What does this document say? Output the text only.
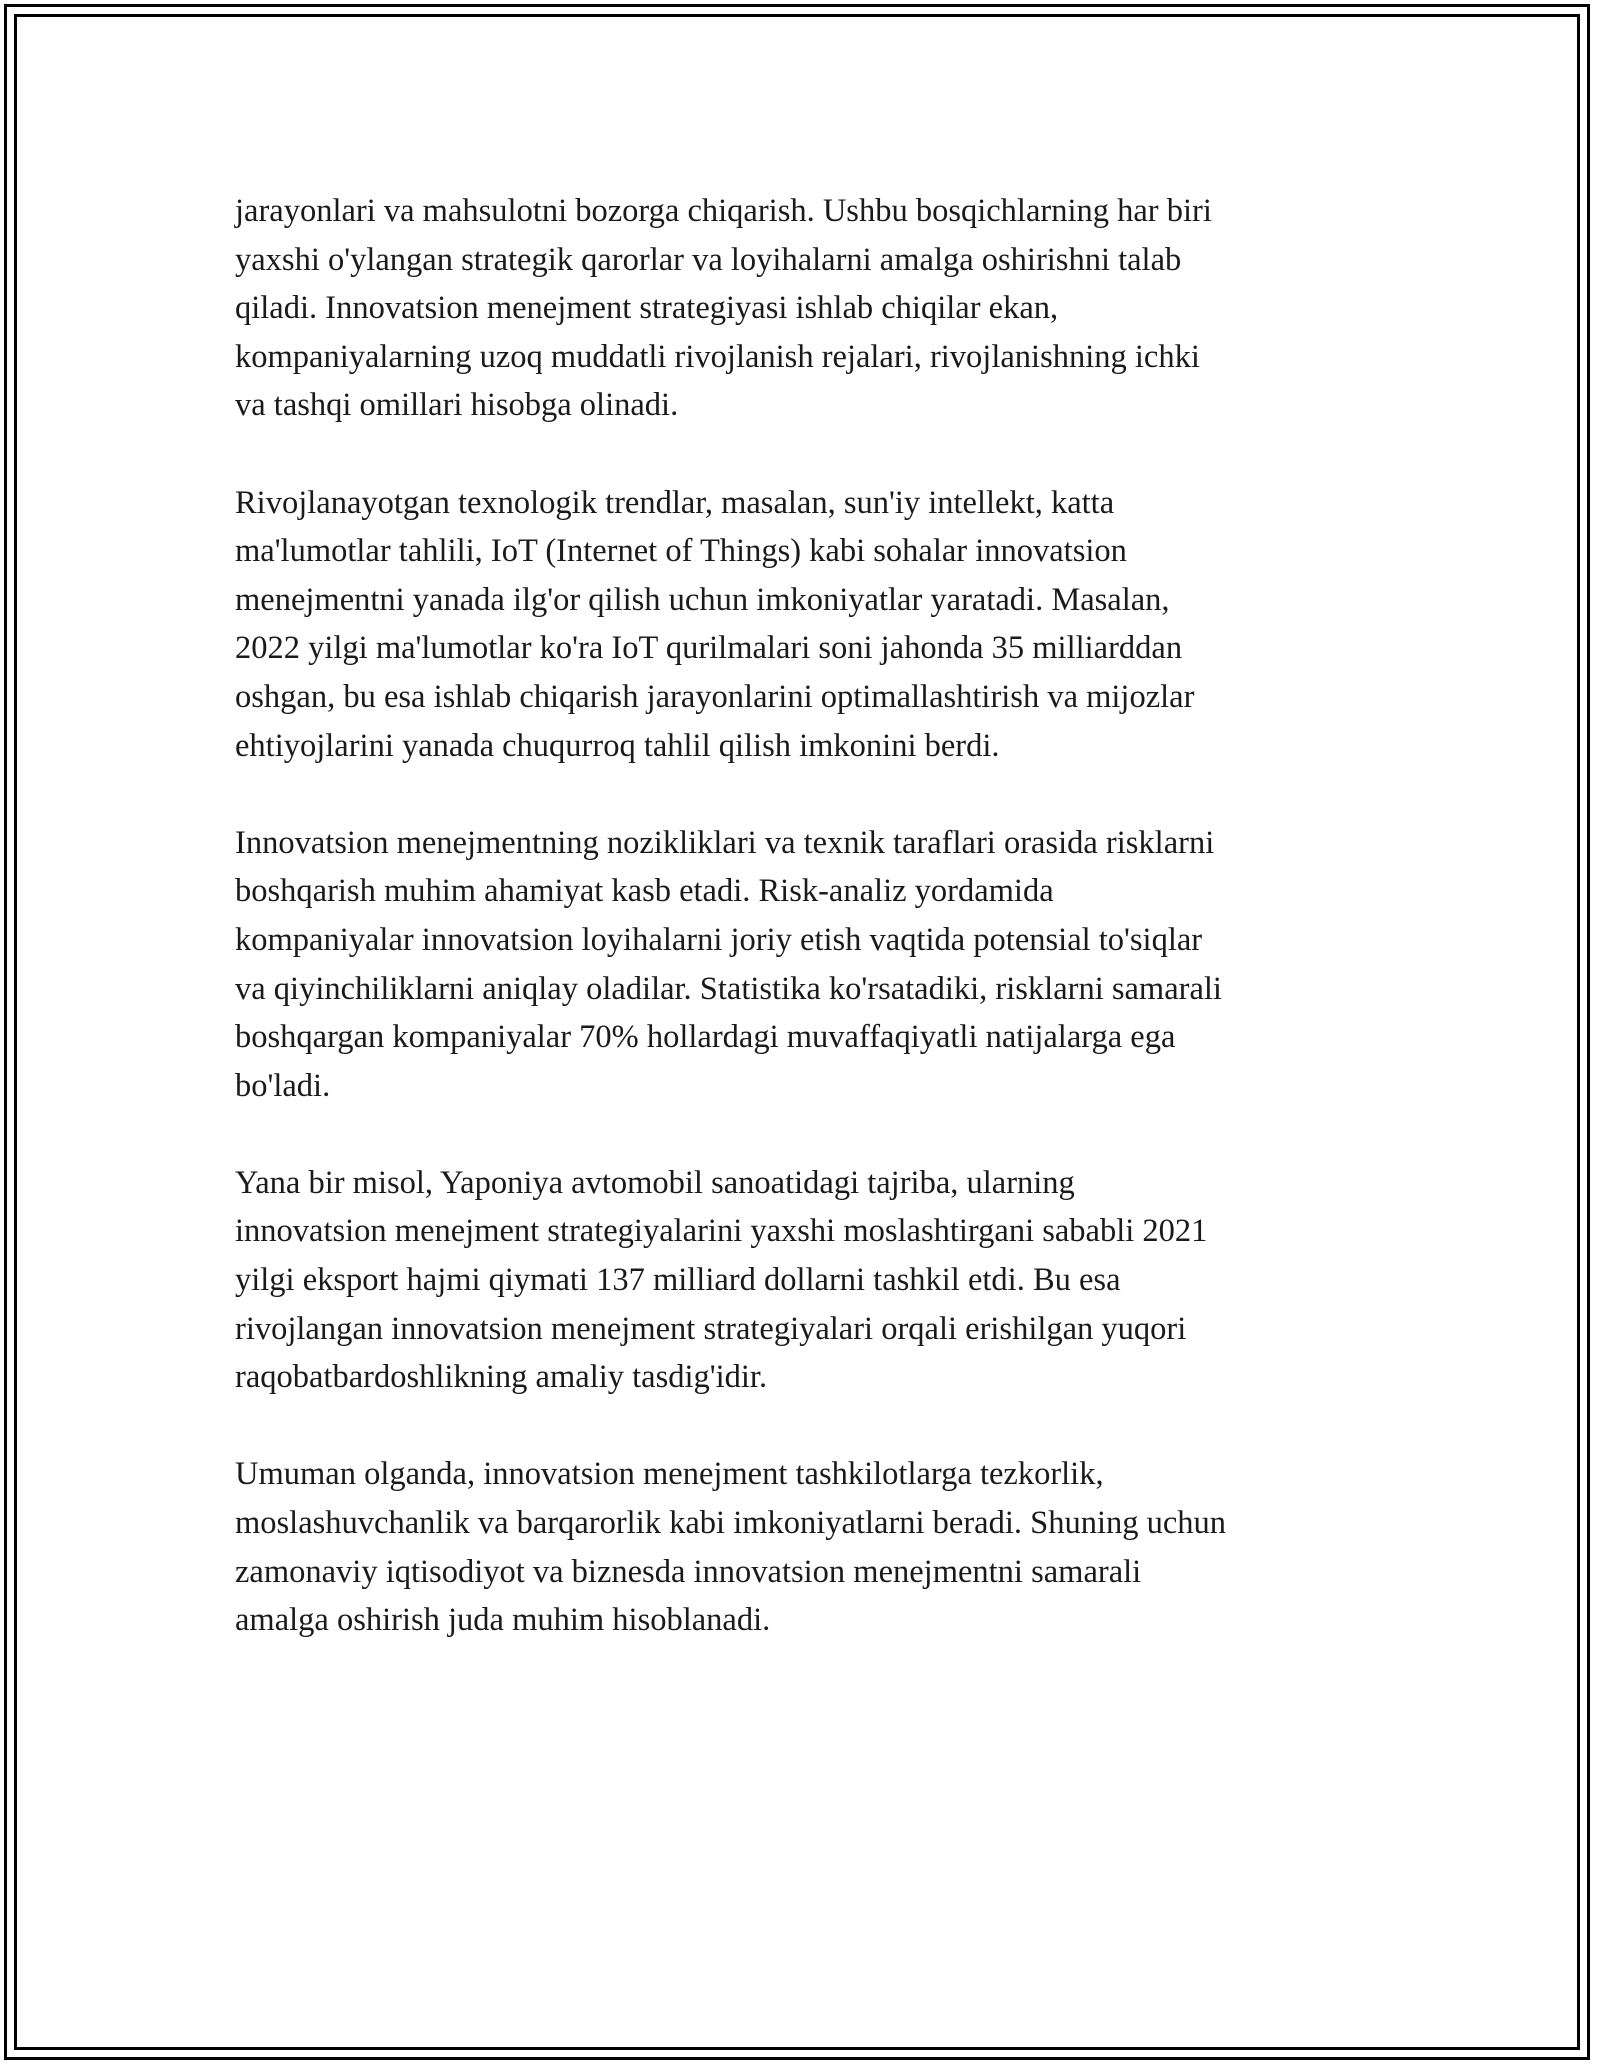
jarayonlari va mahsulotni bozorga chiqarish. Ushbu bosqichlarning har biri
yaxshi o'ylangan strategik qarorlar va loyihalarni amalga oshirishni talab
qiladi. Innovatsion menejment strategiyasi ishlab chiqilar ekan,
kompaniyalarning uzoq muddatli rivojlanish rejalari, rivojlanishning ichki
va tashqi omillari hisobga olinadi.

Rivojlanayotgan texnologik trendlar, masalan, sun'iy intellekt, katta
ma'lumotlar tahlili, IoT (Internet of Things) kabi sohalar innovatsion
menejmentni yanada ilg'or qilish uchun imkoniyatlar yaratadi. Masalan,
2022 yilgi ma'lumotlar ko'ra IoT qurilmalari soni jahonda 35 milliarddan
oshgan, bu esa ishlab chiqarish jarayonlarini optimallashtirish va mijozlar
ehtiyojlarini yanada chuqurroq tahlil qilish imkonini berdi.

Innovatsion menejmentning nozikliklari va texnik taraflari orasida risklarni
boshqarish muhim ahamiyat kasb etadi. Risk-analiz yordamida
kompaniyalar innovatsion loyihalarni joriy etish vaqtida potensial to'siqlar
va qiyinchiliklarni aniqlay oladilar. Statistika ko'rsatadiki, risklarni samarali
boshqargan kompaniyalar 70% hollardagi muvaffaqiyatli natijalarga ega
bo'ladi.

Yana bir misol, Yaponiya avtomobil sanoatidagi tajriba, ularning
innovatsion menejment strategiyalarini yaxshi moslashtirgani sababli 2021
yilgi eksport hajmi qiymati 137 milliard dollarni tashkil etdi. Bu esa
rivojlangan innovatsion menejment strategiyalari orqali erishilgan yuqori
raqobatbardoshlikning amaliy tasdig'idir.

Umuman olganda, innovatsion menejment tashkilotlarga tezkorlik,
moslashuvchanlik va barqarorlik kabi imkoniyatlarni beradi. Shuning uchun
zamonaviy iqtisodiyot va biznesda innovatsion menejmentni samarali
amalga oshirish juda muhim hisoblanadi.
